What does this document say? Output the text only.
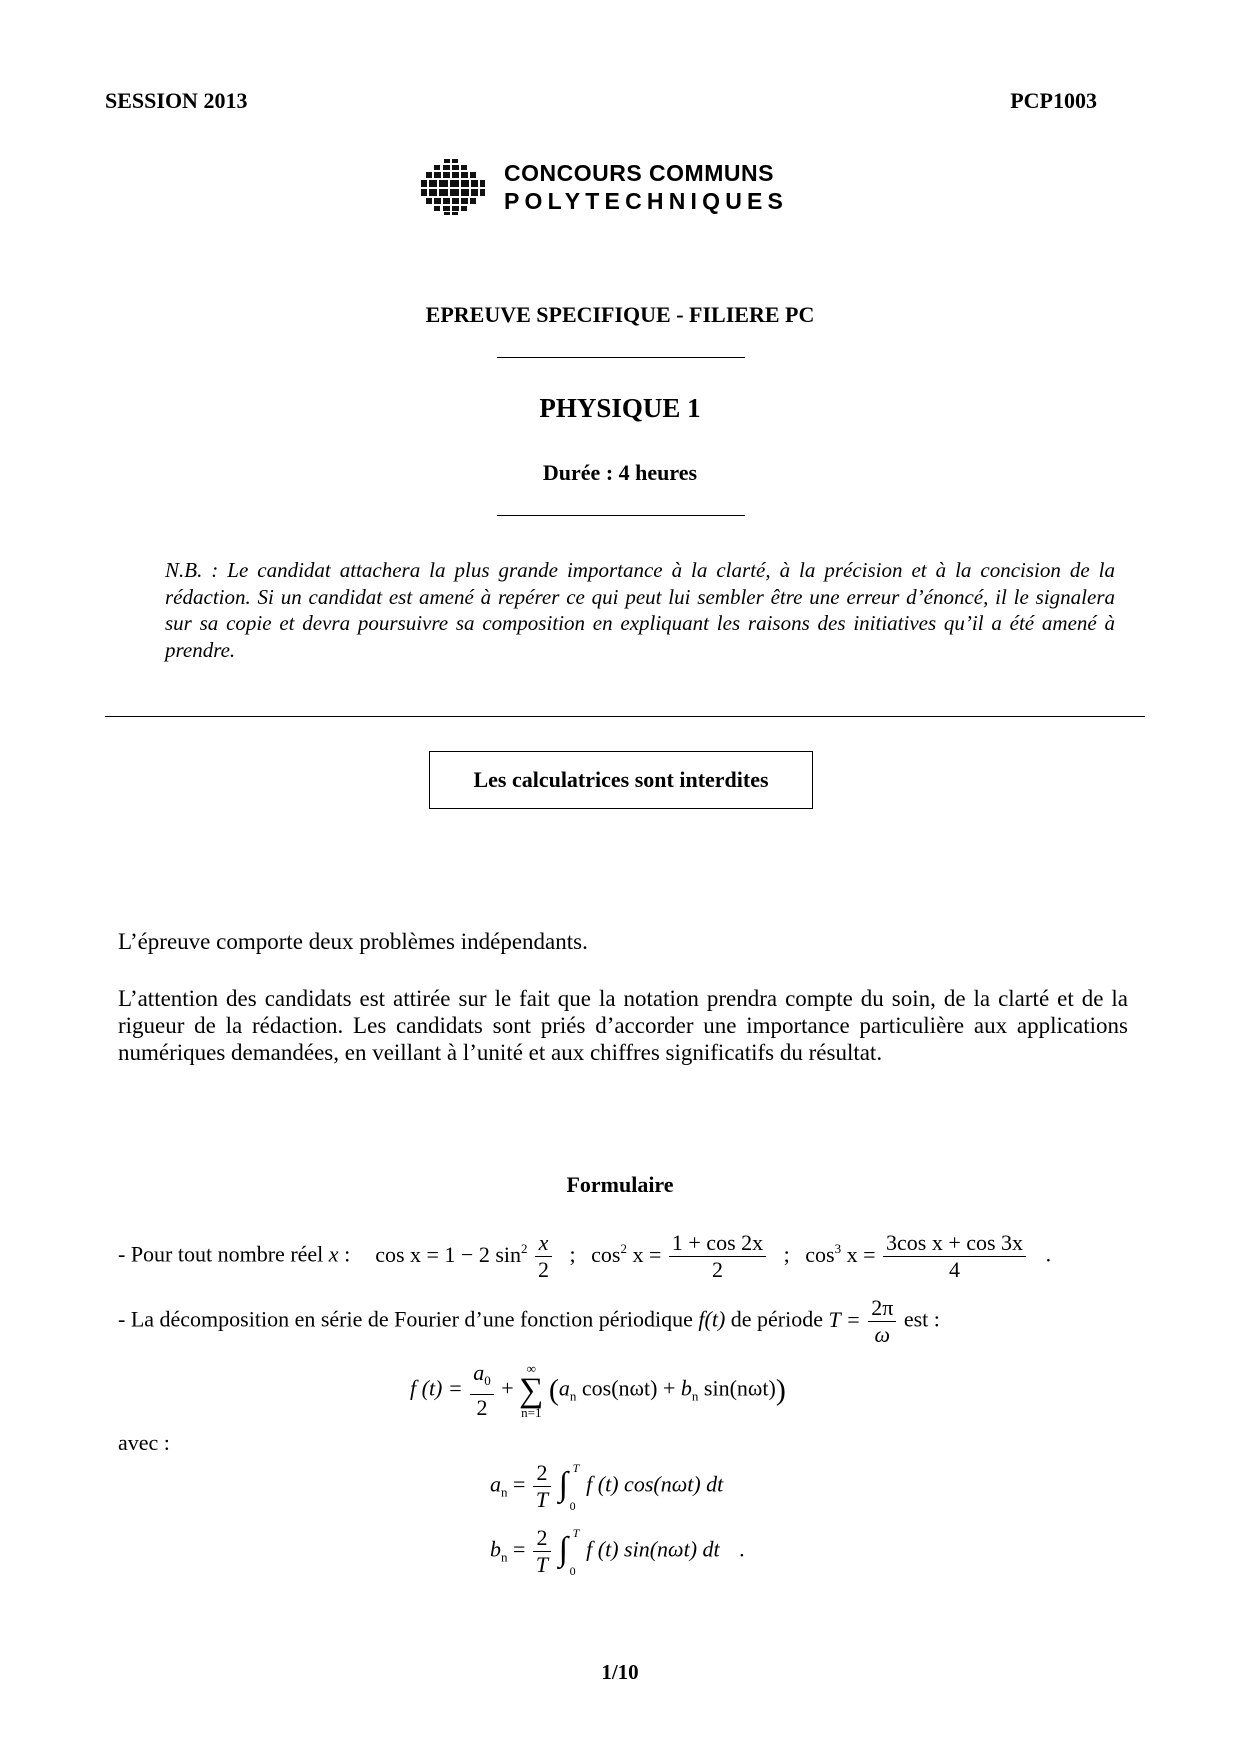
SESSION 2013	PCP1003
CONCOURS COMMUNS
POLYTECHNIQUES
EPREUVE SPECIFIQUE - FILIERE PC
PHYSIQUE 1
Durée : 4 heures
N.B. : Le candidat attachera la plus grande importance à la clarté, à la précision et à la concision de la rédaction. Si un candidat est amené à repérer ce qui peut lui sembler être une erreur d’énoncé, il le signalera sur sa copie et devra poursuivre sa composition en expliquant les raisons des initiatives qu’il a été amené à prendre.
Les calculatrices sont interdites
L’épreuve comporte deux problèmes indépendants.
L’attention des candidats est attirée sur le fait que la notation prendra compte du soin, de la clarté et de la rigueur de la rédaction. Les candidats sont priés d’accorder une importance particulière aux applications numériques demandées, en veillant à l’unité et aux chiffres significatifs du résultat.
Formulaire
- Pour tout nombre réel x : cos x = 1 − 2 $\sin^2 \frac{x}{2}$ ; $\cos^2 x = \frac{1 + \cos 2x}{2}$ ; $\cos^3 x = \frac{\text{3cos x + cos 3x}}{4}$ .
- La décomposition en série de Fourier d’une fonction périodique f(t) de période $T = \frac{2\pi}{\omega}$ est :
f $(t) = \frac{a_0}{2}$ +
∞
∑
n=1
($a_n$ $\cos(n\omega t) + b_n$ sin(nωt))
avec :
$a_n = \frac{2}{T}$
∫ T
0
f (t) cos(nωt) dt
$b_n = \frac{2}{T}$
∫ T
0
f (t) sin(nωt) dt .
1/10
